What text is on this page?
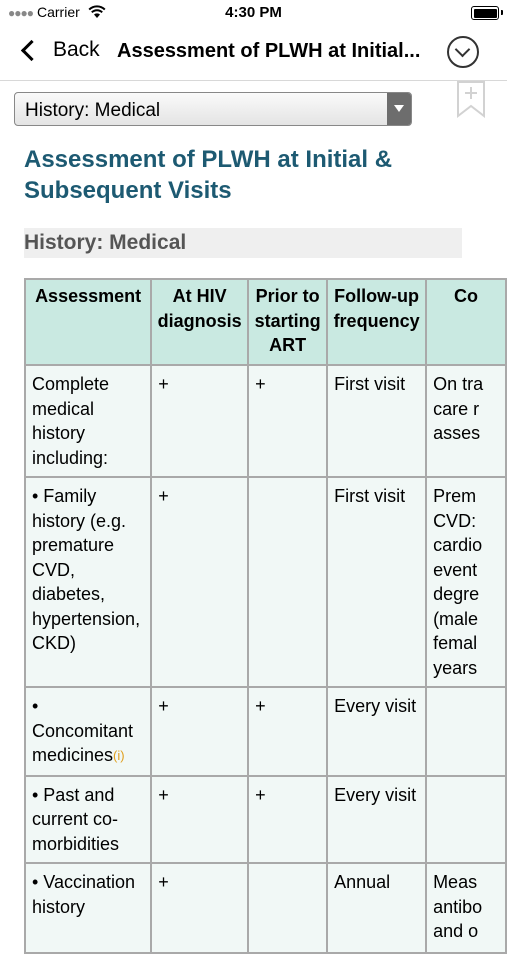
●●●● Carrier	4:30 PM
Back Assessment of PLWH at Initial...
History: Medical
Assessment of PLWH at Initial & Subsequent Visits
History: Medical
Assessment	At HIV diagnosis	Prior to starting ART	Follow-up frequency	Co
Complete medical history including:	+	+	First visit	On tra care r asses
• Family history (e.g. premature CVD, diabetes, hypertension, CKD)	+		First visit	Prem CVD: cardio event degre (male femal years
• Concomitant medicines(i)	+	+	Every visit	
• Past and current co-morbidities	+	+	Every visit	
• Vaccination history	+		Annual	Meas antibo and o
